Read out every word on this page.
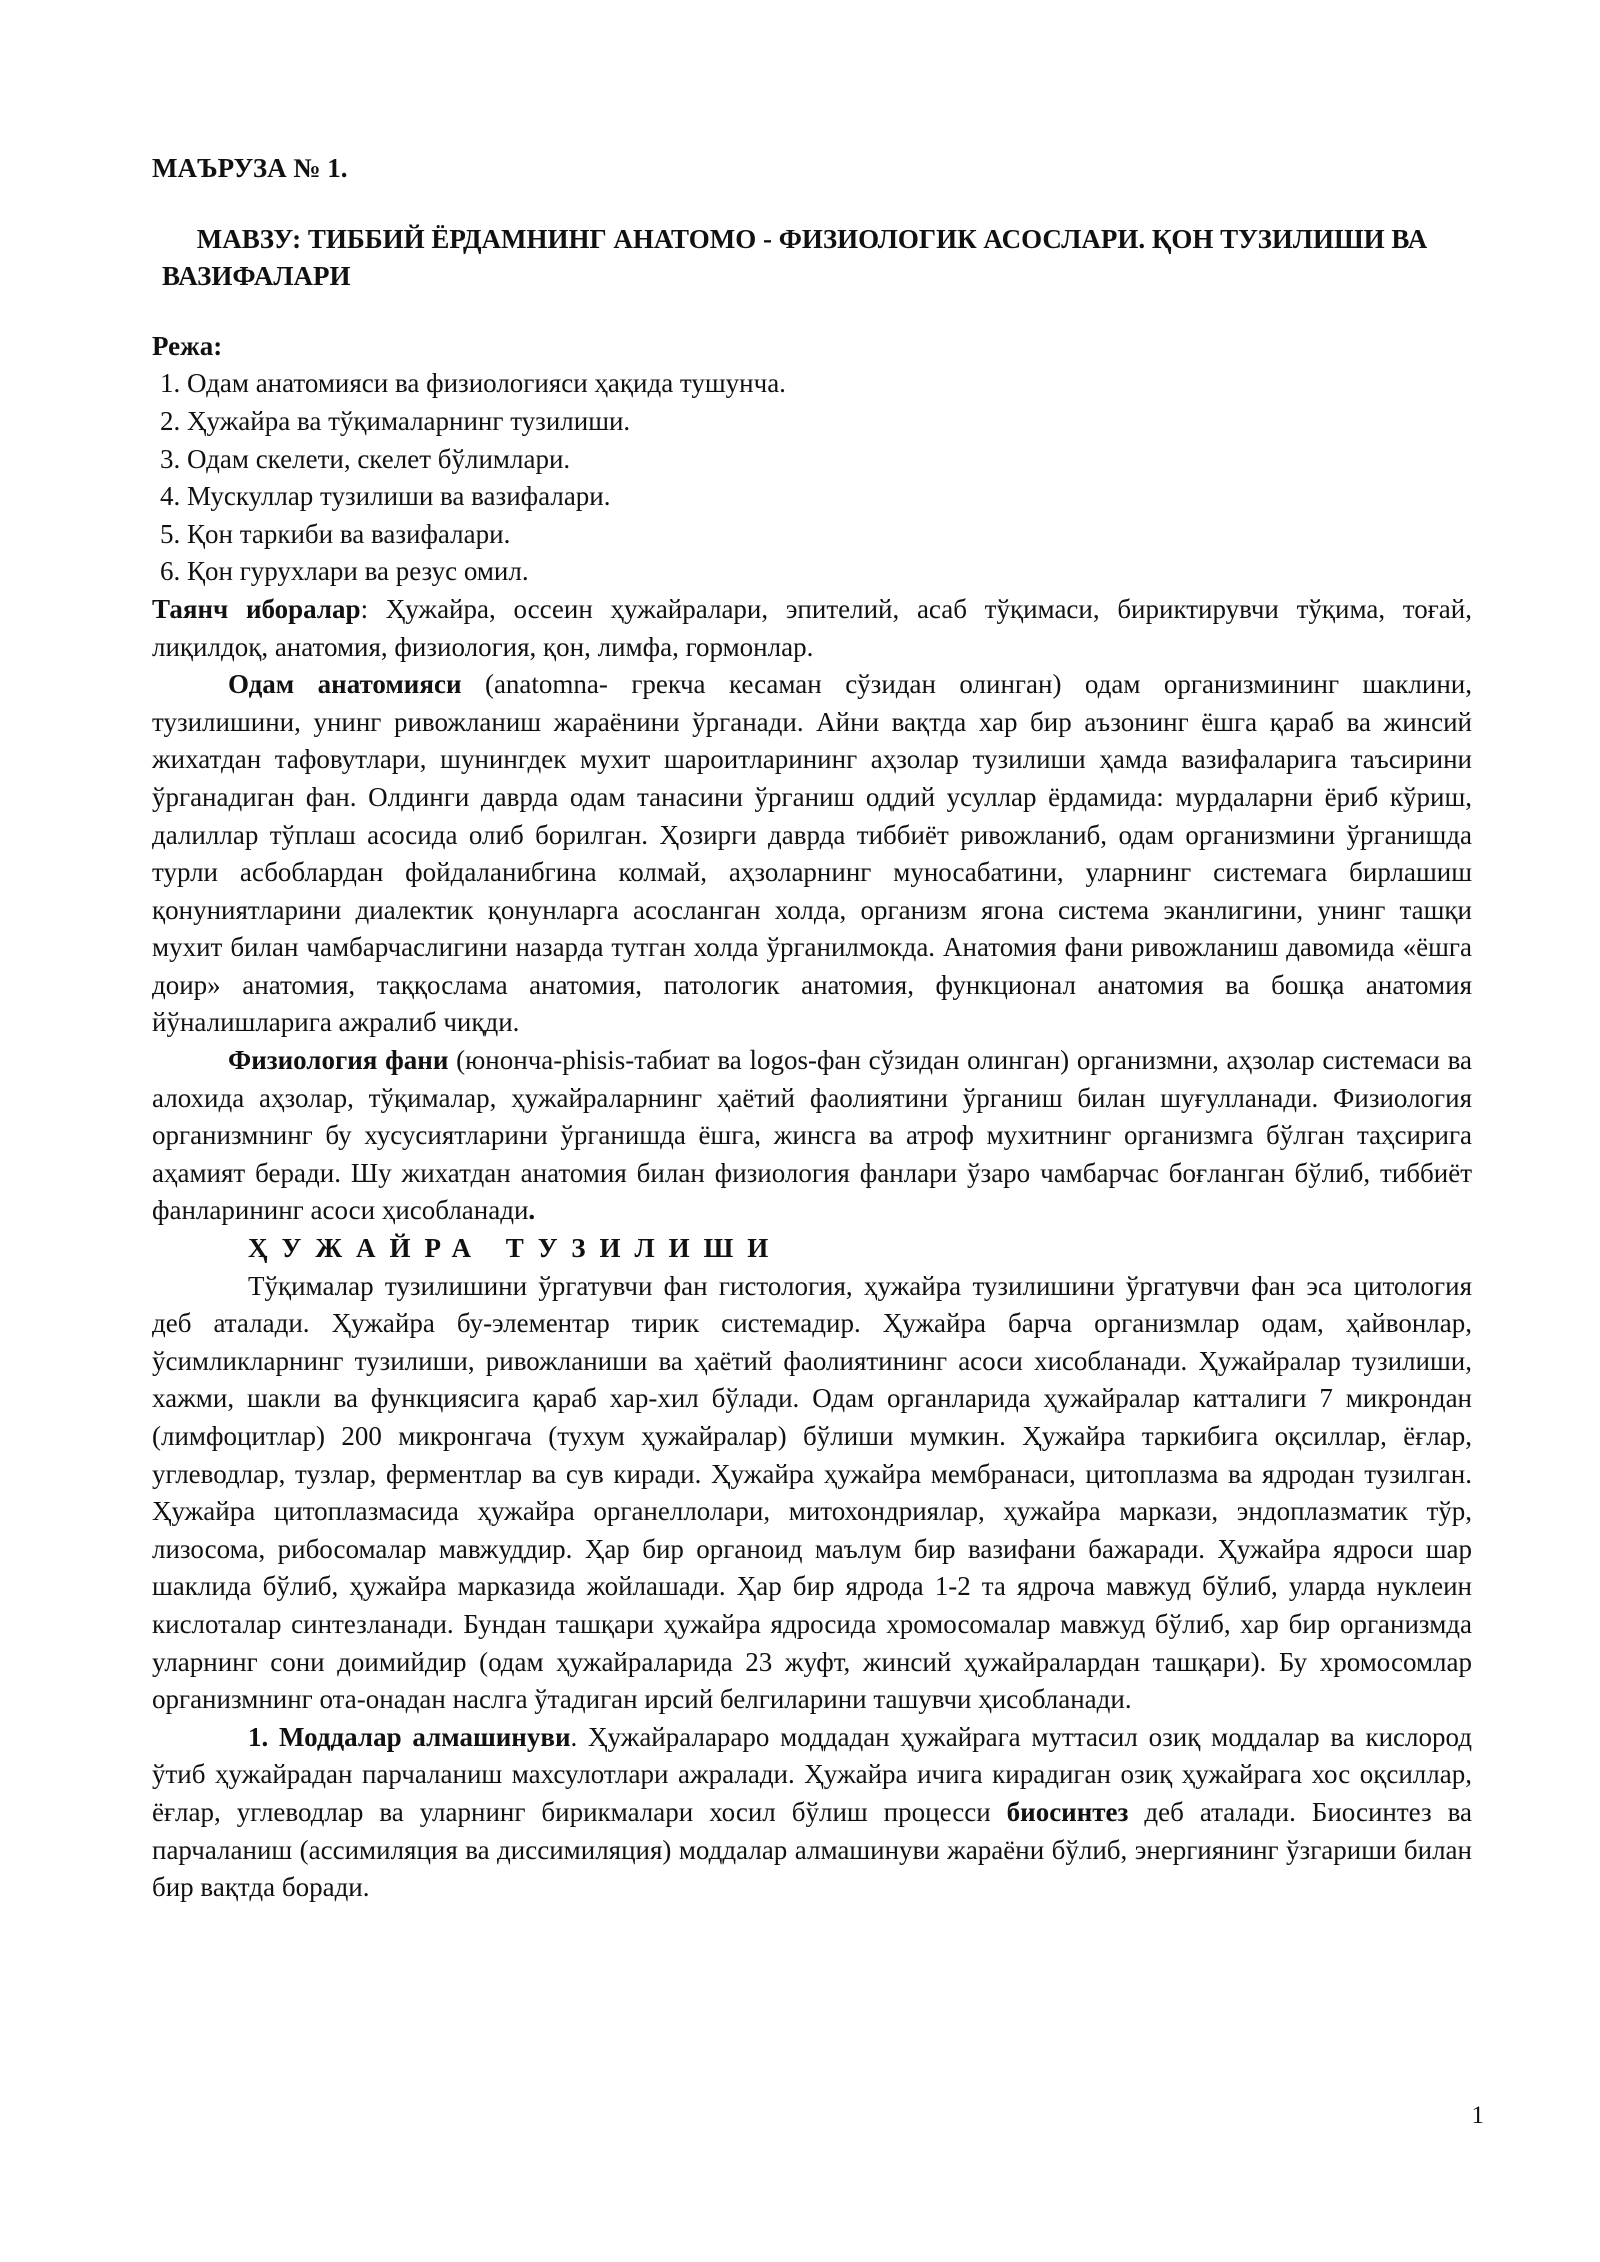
МАЪРУЗА № 1.

МАВЗУ: ТИББИЙ ЁРДАМНИНГ АНАТОМО - ФИЗИОЛОГИК АСОСЛАРИ. ҚОН ТУЗИЛИШИ ВА ВАЗИФАЛАРИ

Режа:

1. Одам анатомияси ва физиологияси ҳақида тушунча.
2. Ҳужайра ва тўқималарнинг тузилиши.
3. Одам скелети, скелет бўлимлари.
4. Мускуллар тузилиши ва вазифалари.
5. Қон таркиби ва вазифалари.
6. Қон гурухлари ва резус омил.

Таянч иборалар: Ҳужайра, оссеин ҳужайралари, эпителий, асаб тўқимаси, бириктирувчи тўқима, тоғай, лиқилдоқ, анатомия, физиология, қон, лимфа, гормонлар.

Одам анатомияси (anatomna- грекча кесаман сўзидан олинган) одам организмининг шаклини, тузилишини, унинг ривожланиш жараёнини ўрганади. Айни вақтда хар бир аъзонинг ёшга қараб ва жинсий жихатдан тафовутлари, шунингдек мухит шароитларининг аҳзолар тузилиши ҳамда вазифаларига таъсирини ўрганадиган фан. Олдинги даврда одам танасини ўрганиш оддий усуллар ёрдамида: мурдаларни ёриб кўриш, далиллар тўплаш асосида олиб борилган. Ҳозирги даврда тиббиёт ривожланиб, одам организмини ўрганишда турли асбоблардан фойдаланибгина колмай, аҳзоларнинг муносабатини, уларнинг системага бирлашиш қонуниятларини диалектик қонунларга асосланган холда, организм ягона система эканлигини, унинг ташқи мухит билан чамбарчаслигини назарда тутган холда ўрганилмокда. Анатомия фани ривожланиш давомида «ёшга доир» анатомия, таққослама анатомия, патологик анатомия, функционал анатомия ва бошқа анатомия йўналишларига ажралиб чиқди.

Физиология фани (юнонча-phisis-табиат ва logos-фан сўзидан олинган) организмни, аҳзолар системаси ва алохида аҳзолар, тўқималар, ҳужайраларнинг ҳаётий фаолиятини ўрганиш билан шуғулланади. Физиология организмнинг бу хусусиятларини ўрганишда ёшга, жинсга ва атроф мухитнинг организмга бўлган таҳсирига аҳамият беради. Шу жихатдан анатомия билан физиология фанлари ўзаро чамбарчас боғланган бўлиб, тиббиёт фанларининг асоси ҳисобланади.

ҲУЖАЙРА ТУЗИЛИШИ

Тўқималар тузилишини ўргатувчи фан гистология, ҳужайра тузилишини ўргатувчи фан эса цитология деб аталади. Ҳужайра бу-элементар тирик системадир. Ҳужайра барча организмлар одам, ҳайвонлар, ўсимликларнинг тузилиши, ривожланиши ва ҳаётий фаолиятининг асоси хисобланади. Ҳужайралар тузилиши, хажми, шакли ва функциясига қараб хар-хил бўлади. Одам органларида ҳужайралар катталиги 7 микрондан (лимфоцитлар) 200 микронгача (тухум ҳужайралар) бўлиши мумкин. Ҳужайра таркибига оқсиллар, ёғлар, углеводлар, тузлар, ферментлар ва сув киради. Ҳужайра ҳужайра мембранаси, цитоплазма ва ядродан тузилган. Ҳужайра цитоплазмасида ҳужайра органеллолари, митохондриялар, ҳужайра маркази, эндоплазматик тўр, лизосома, рибосомалар мавжуддир. Ҳар бир органоид маълум бир вазифани бажаради. Ҳужайра ядроси шар шаклида бўлиб, ҳужайра марказида жойлашади. Ҳар бир ядрода 1-2 та ядроча мавжуд бўлиб, уларда нуклеин кислоталар синтезланади. Бундан ташқари ҳужайра ядросида хромосомалар мавжуд бўлиб, хар бир организмда уларнинг сони доимийдир (одам ҳужайраларида 23 жуфт, жинсий ҳужайралардан ташқари). Бу хромосомлар организмнинг ота-онадан наслга ўтадиган ирсий белгиларини ташувчи ҳисобланади.

1. Моддалар алмашинуви. Ҳужайралараро моддадан ҳужайрага муттасил озиқ моддалар ва кислород ўтиб ҳужайрадан парчаланиш махсулотлари ажралади. Ҳужайра ичига кирадиган озиқ ҳужайрага хос оқсиллар, ёғлар, углеводлар ва уларнинг бирикмалари хосил бўлиш процесси биосинтез деб аталади. Биосинтез ва парчаланиш (ассимиляция ва диссимиляция) моддалар алмашинуви жараёни бўлиб, энергиянинг ўзгариши билан бир вақтда боради.

1
